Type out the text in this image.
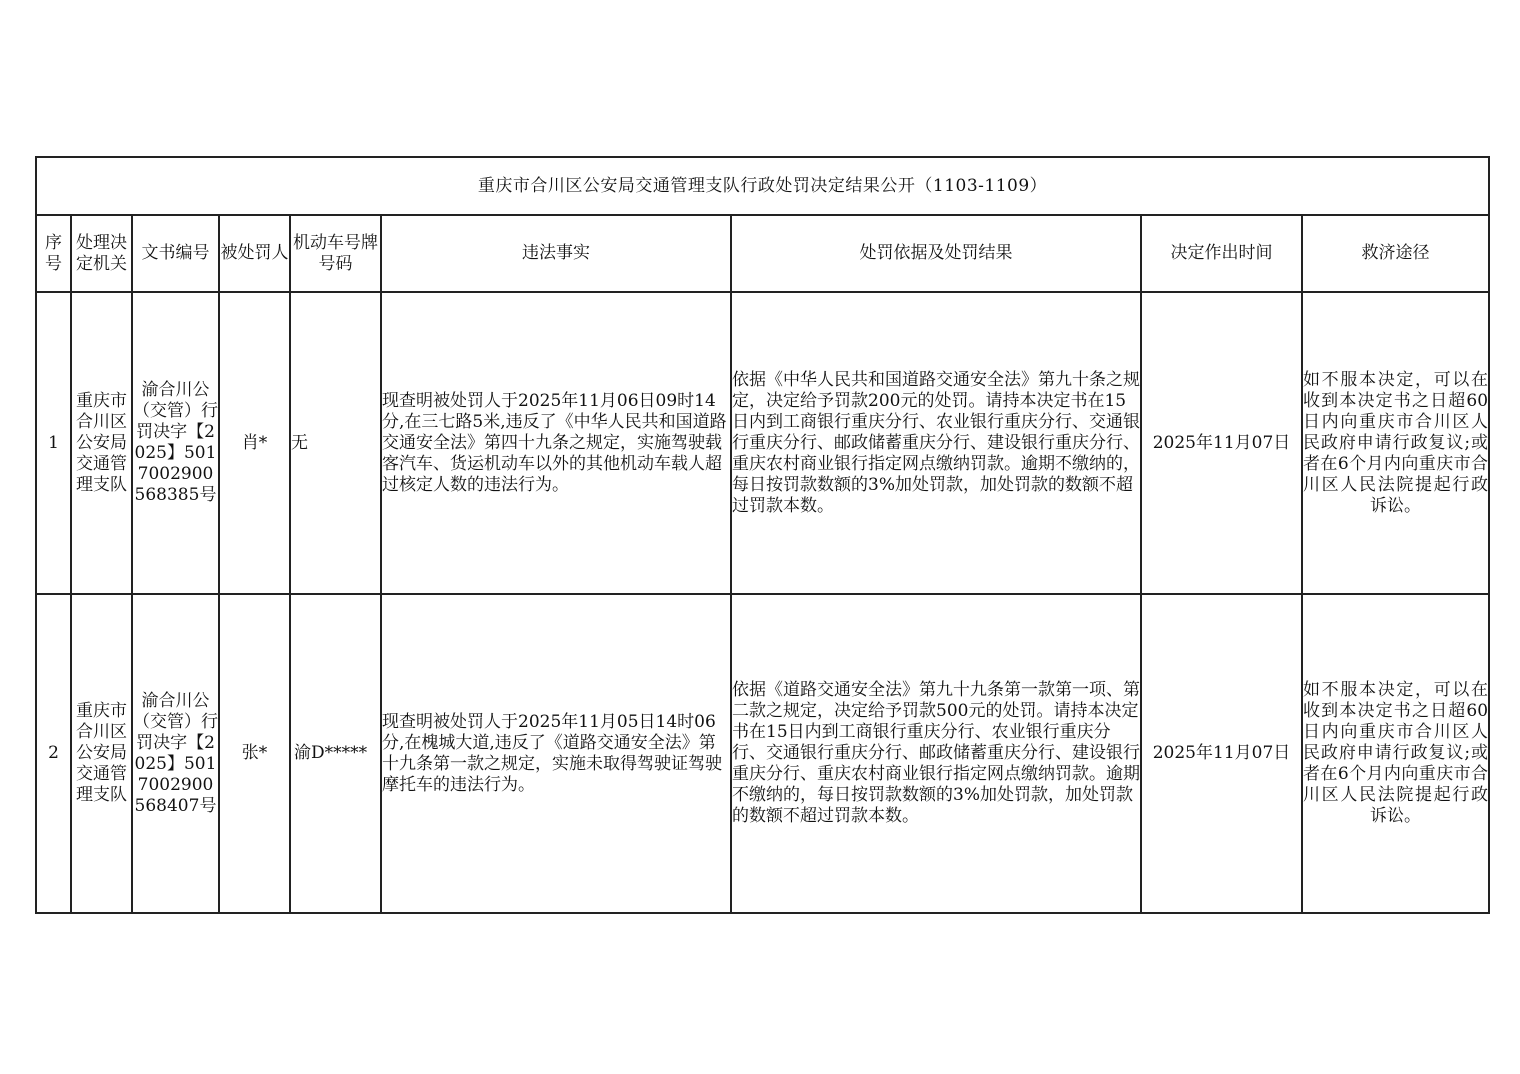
重庆市合川区公安局交通管理支队行政处罚决定结果公开（1103-1109）								
序号	处理决定机关	文书编号	被处罚人	机动车号牌号码	违法事实	处罚依据及处罚结果	决定作出时间	救济途径
1	重庆市合川区公安局交通管理支队	渝合川公（交管）行罚决字【2025】5017002900568385号	肖*	无	现查明被处罚人于2025年11月06日09时14分,在三七路5米,违反了《中华人民共和国道路交通安全法》第四十九条之规定，实施驾驶载客汽车、货运机动车以外的其他机动车载人超过核定人数的违法行为。	依据《中华人民共和国道路交通安全法》第九十条之规定，决定给予罚款200元的处罚。请持本决定书在15日内到工商银行重庆分行、农业银行重庆分行、交通银行重庆分行、邮政储蓄重庆分行、建设银行重庆分行、重庆农村商业银行指定网点缴纳罚款。逾期不缴纳的，每日按罚款数额的3%加处罚款，加处罚款的数额不超过罚款本数。	2025年11月07日	如不服本决定，可以在收到本决定书之日超60日内向重庆市合川区人民政府申请行政复议;或者在6个月内向重庆市合川区人民法院提起行政诉讼。
2	重庆市合川区公安局交通管理支队	渝合川公（交管）行罚决字【2025】5017002900568407号	张*	渝D*****	现查明被处罚人于2025年11月05日14时06分,在槐城大道,违反了《道路交通安全法》第十九条第一款之规定，实施未取得驾驶证驾驶摩托车的违法行为。	依据《道路交通安全法》第九十九条第一款第一项、第二款之规定，决定给予罚款500元的处罚。请持本决定书在15日内到工商银行重庆分行、农业银行重庆分行、交通银行重庆分行、邮政储蓄重庆分行、建设银行重庆分行、重庆农村商业银行指定网点缴纳罚款。逾期不缴纳的，每日按罚款数额的3%加处罚款，加处罚款的数额不超过罚款本数。	2025年11月07日	如不服本决定，可以在收到本决定书之日超60日内向重庆市合川区人民政府申请行政复议;或者在6个月内向重庆市合川区人民法院提起行政诉讼。
